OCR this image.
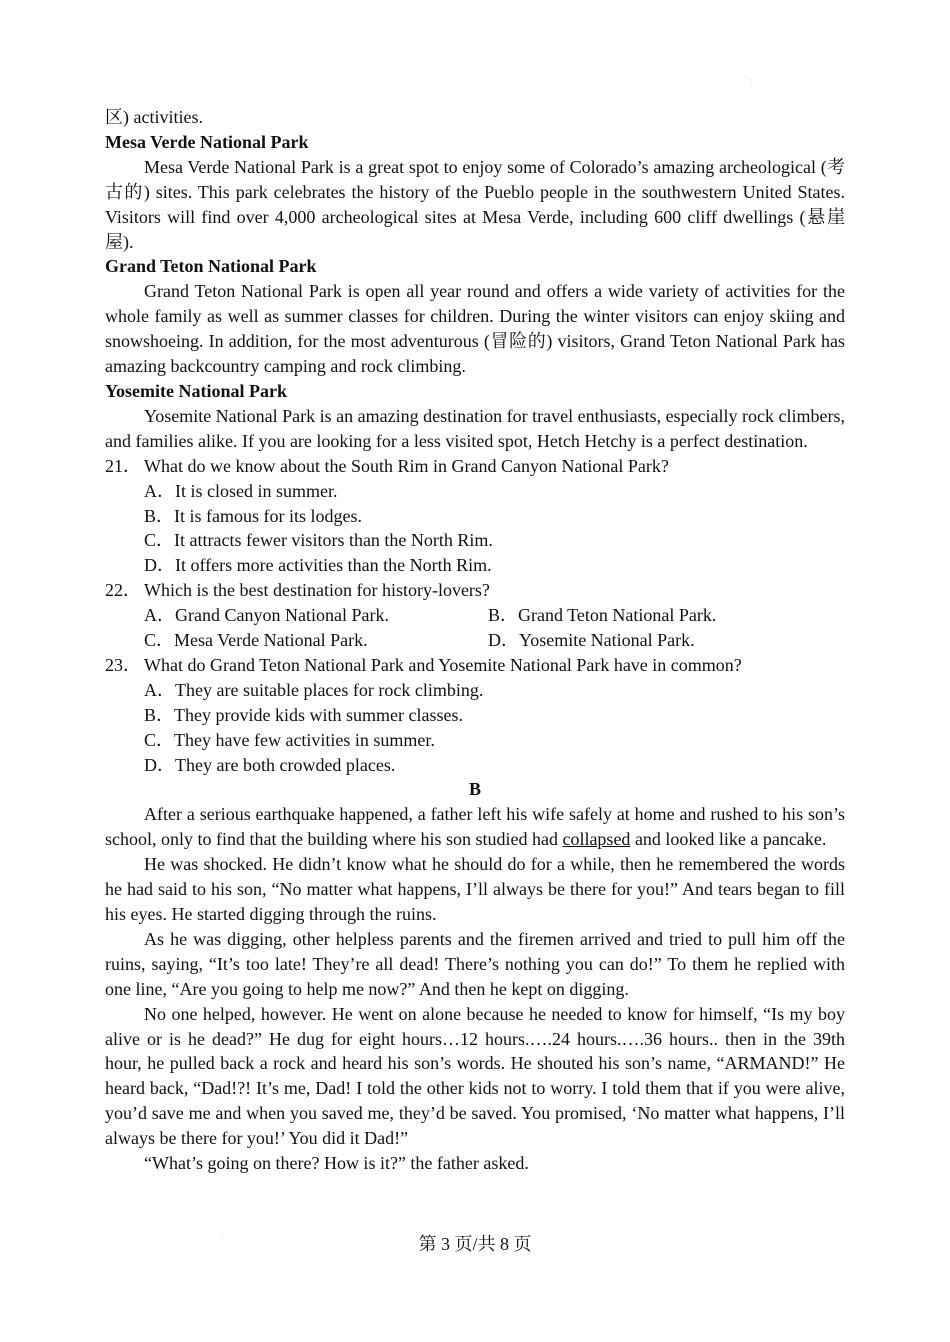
:
:
区) activities.
Mesa Verde National Park
Mesa Verde National Park is a great spot to enjoy some of Colorado’s amazing archeological (考古的) sites. This park celebrates the history of the Pueblo people in the southwestern United States. Visitors will find over 4,000 archeological sites at Mesa Verde, including 600 cliff dwellings (悬崖屋).
Grand Teton National Park
Grand Teton National Park is open all year round and offers a wide variety of activities for the whole family as well as summer classes for children. During the winter visitors can enjoy skiing and snowshoeing. In addition, for the most adventurous (冒险的) visitors, Grand Teton National Park has amazing backcountry camping and rock climbing.
Yosemite National Park
Yosemite National Park is an amazing destination for travel enthusiasts, especially rock climbers, and families alike. If you are looking for a less visited spot, Hetch Hetchy is a perfect destination.
21． What do we know about the South Rim in Grand Canyon National Park?
A．It is closed in summer.
B．It is famous for its lodges.
C．It attracts fewer visitors than the North Rim.
D．It offers more activities than the North Rim.
22． Which is the best destination for history-lovers?
A．Grand Canyon National Park.	B．Grand Teton National Park.
C．Mesa Verde National Park.	D．Yosemite National Park.
23． What do Grand Teton National Park and Yosemite National Park have in common?
A．They are suitable places for rock climbing.
B．They provide kids with summer classes.
C．They have few activities in summer.
D．They are both crowded places.
B
After a serious earthquake happened, a father left his wife safely at home and rushed to his son’s school, only to find that the building where his son studied had collapsed and looked like a pancake.
He was shocked. He didn’t know what he should do for a while, then he remembered the words he had said to his son, “No matter what happens, I’ll always be there for you!” And tears began to fill his eyes. He started digging through the ruins.
As he was digging, other helpless parents and the firemen arrived and tried to pull him off the ruins, saying, “It’s too late! They’re all dead! There’s nothing you can do!” To them he replied with one line, “Are you going to help me now?” And then he kept on digging.
No one helped, however. He went on alone because he needed to know for himself, “Is my boy alive or is he dead?” He dug for eight hours…12 hours.….24 hours.….36 hours.. then in the 39th hour, he pulled back a rock and heard his son’s words. He shouted his son’s name, “ARMAND!” He heard back, “Dad!?! It’s me, Dad! I told the other kids not to worry. I told them that if you were alive, you’d save me and when you saved me, they’d be saved. You promised, ‘No matter what happens, I’ll always be there for you!’ You did it Dad!”
“What’s going on there? How is it?” the father asked.
第 3 页/共 8 页
